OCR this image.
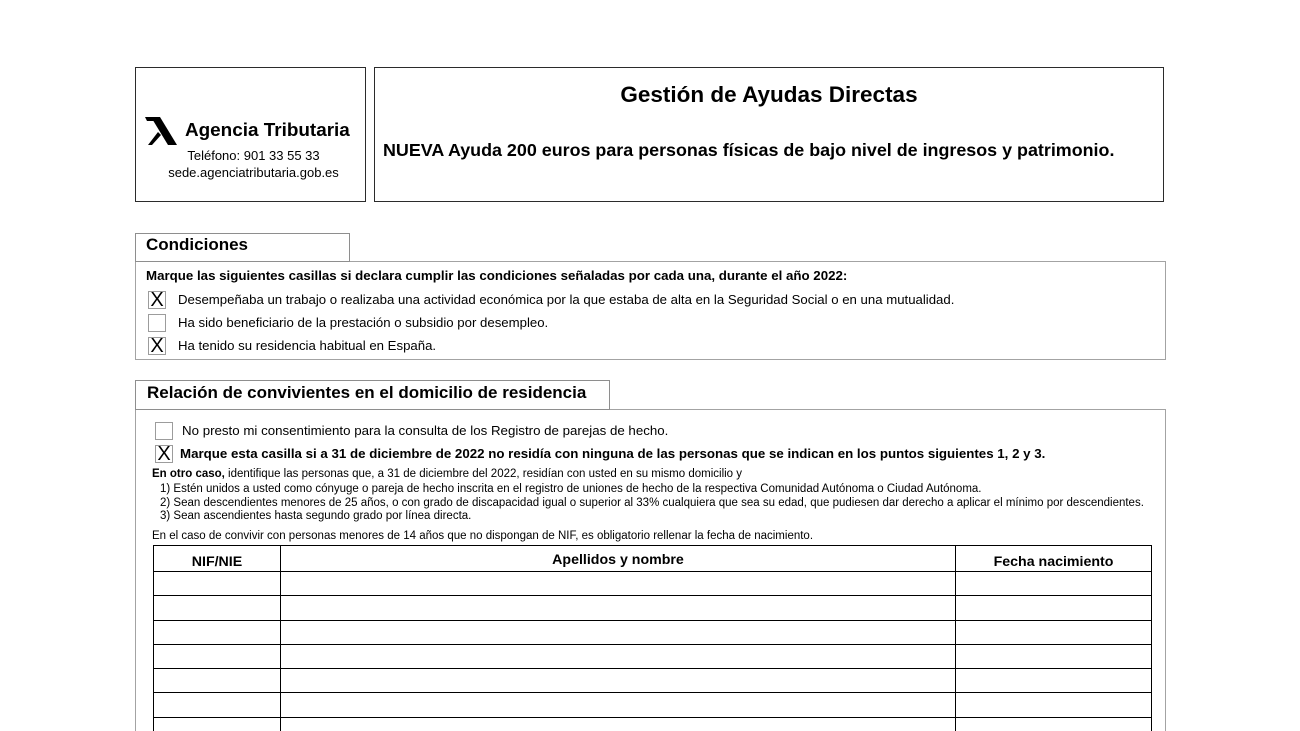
Agencia Tributaria
Teléfono: 901 33 55 33
sede.agenciatributaria.gob.es
Gestión de Ayudas Directas
NUEVA Ayuda 200 euros para personas físicas de bajo nivel de ingresos y patrimonio.
Marque las siguientes casillas si declara cumplir las condiciones señaladas por cada una, durante el año 2022:
X Desempeñaba un trabajo o realizaba una actividad económica por la que estaba de alta en la Seguridad Social o en una mutualidad.
Ha sido beneficiario de la prestación o subsidio por desempleo.
X Ha tenido su residencia habitual en España.
Condiciones
No presto mi consentimiento para la consulta de los Registro de parejas de hecho.
X Marque esta casilla si a 31 de diciembre de 2022 no residía con ninguna de las personas que se indican en los puntos siguientes 1, 2 y 3.
En otro caso, identifique las personas que, a 31 de diciembre del 2022, residían con usted en su mismo domicilio y
1) Estén unidos a usted como cónyuge o pareja de hecho inscrita en el registro de uniones de hecho de la respectiva Comunidad Autónoma o Ciudad Autónoma.
2) Sean descendientes menores de 25 años, o con grado de discapacidad igual o superior al 33% cualquiera que sea su edad, que pudiesen dar derecho a aplicar el mínimo por descendientes.
3) Sean ascendientes hasta segundo grado por línea directa.
En el caso de convivir con personas menores de 14 años que no dispongan de NIF, es obligatorio rellenar la fecha de nacimiento.
NIF/NIE	Apellidos y nombre	Fecha nacimiento
Relación de convivientes en el domicilio de residencia
